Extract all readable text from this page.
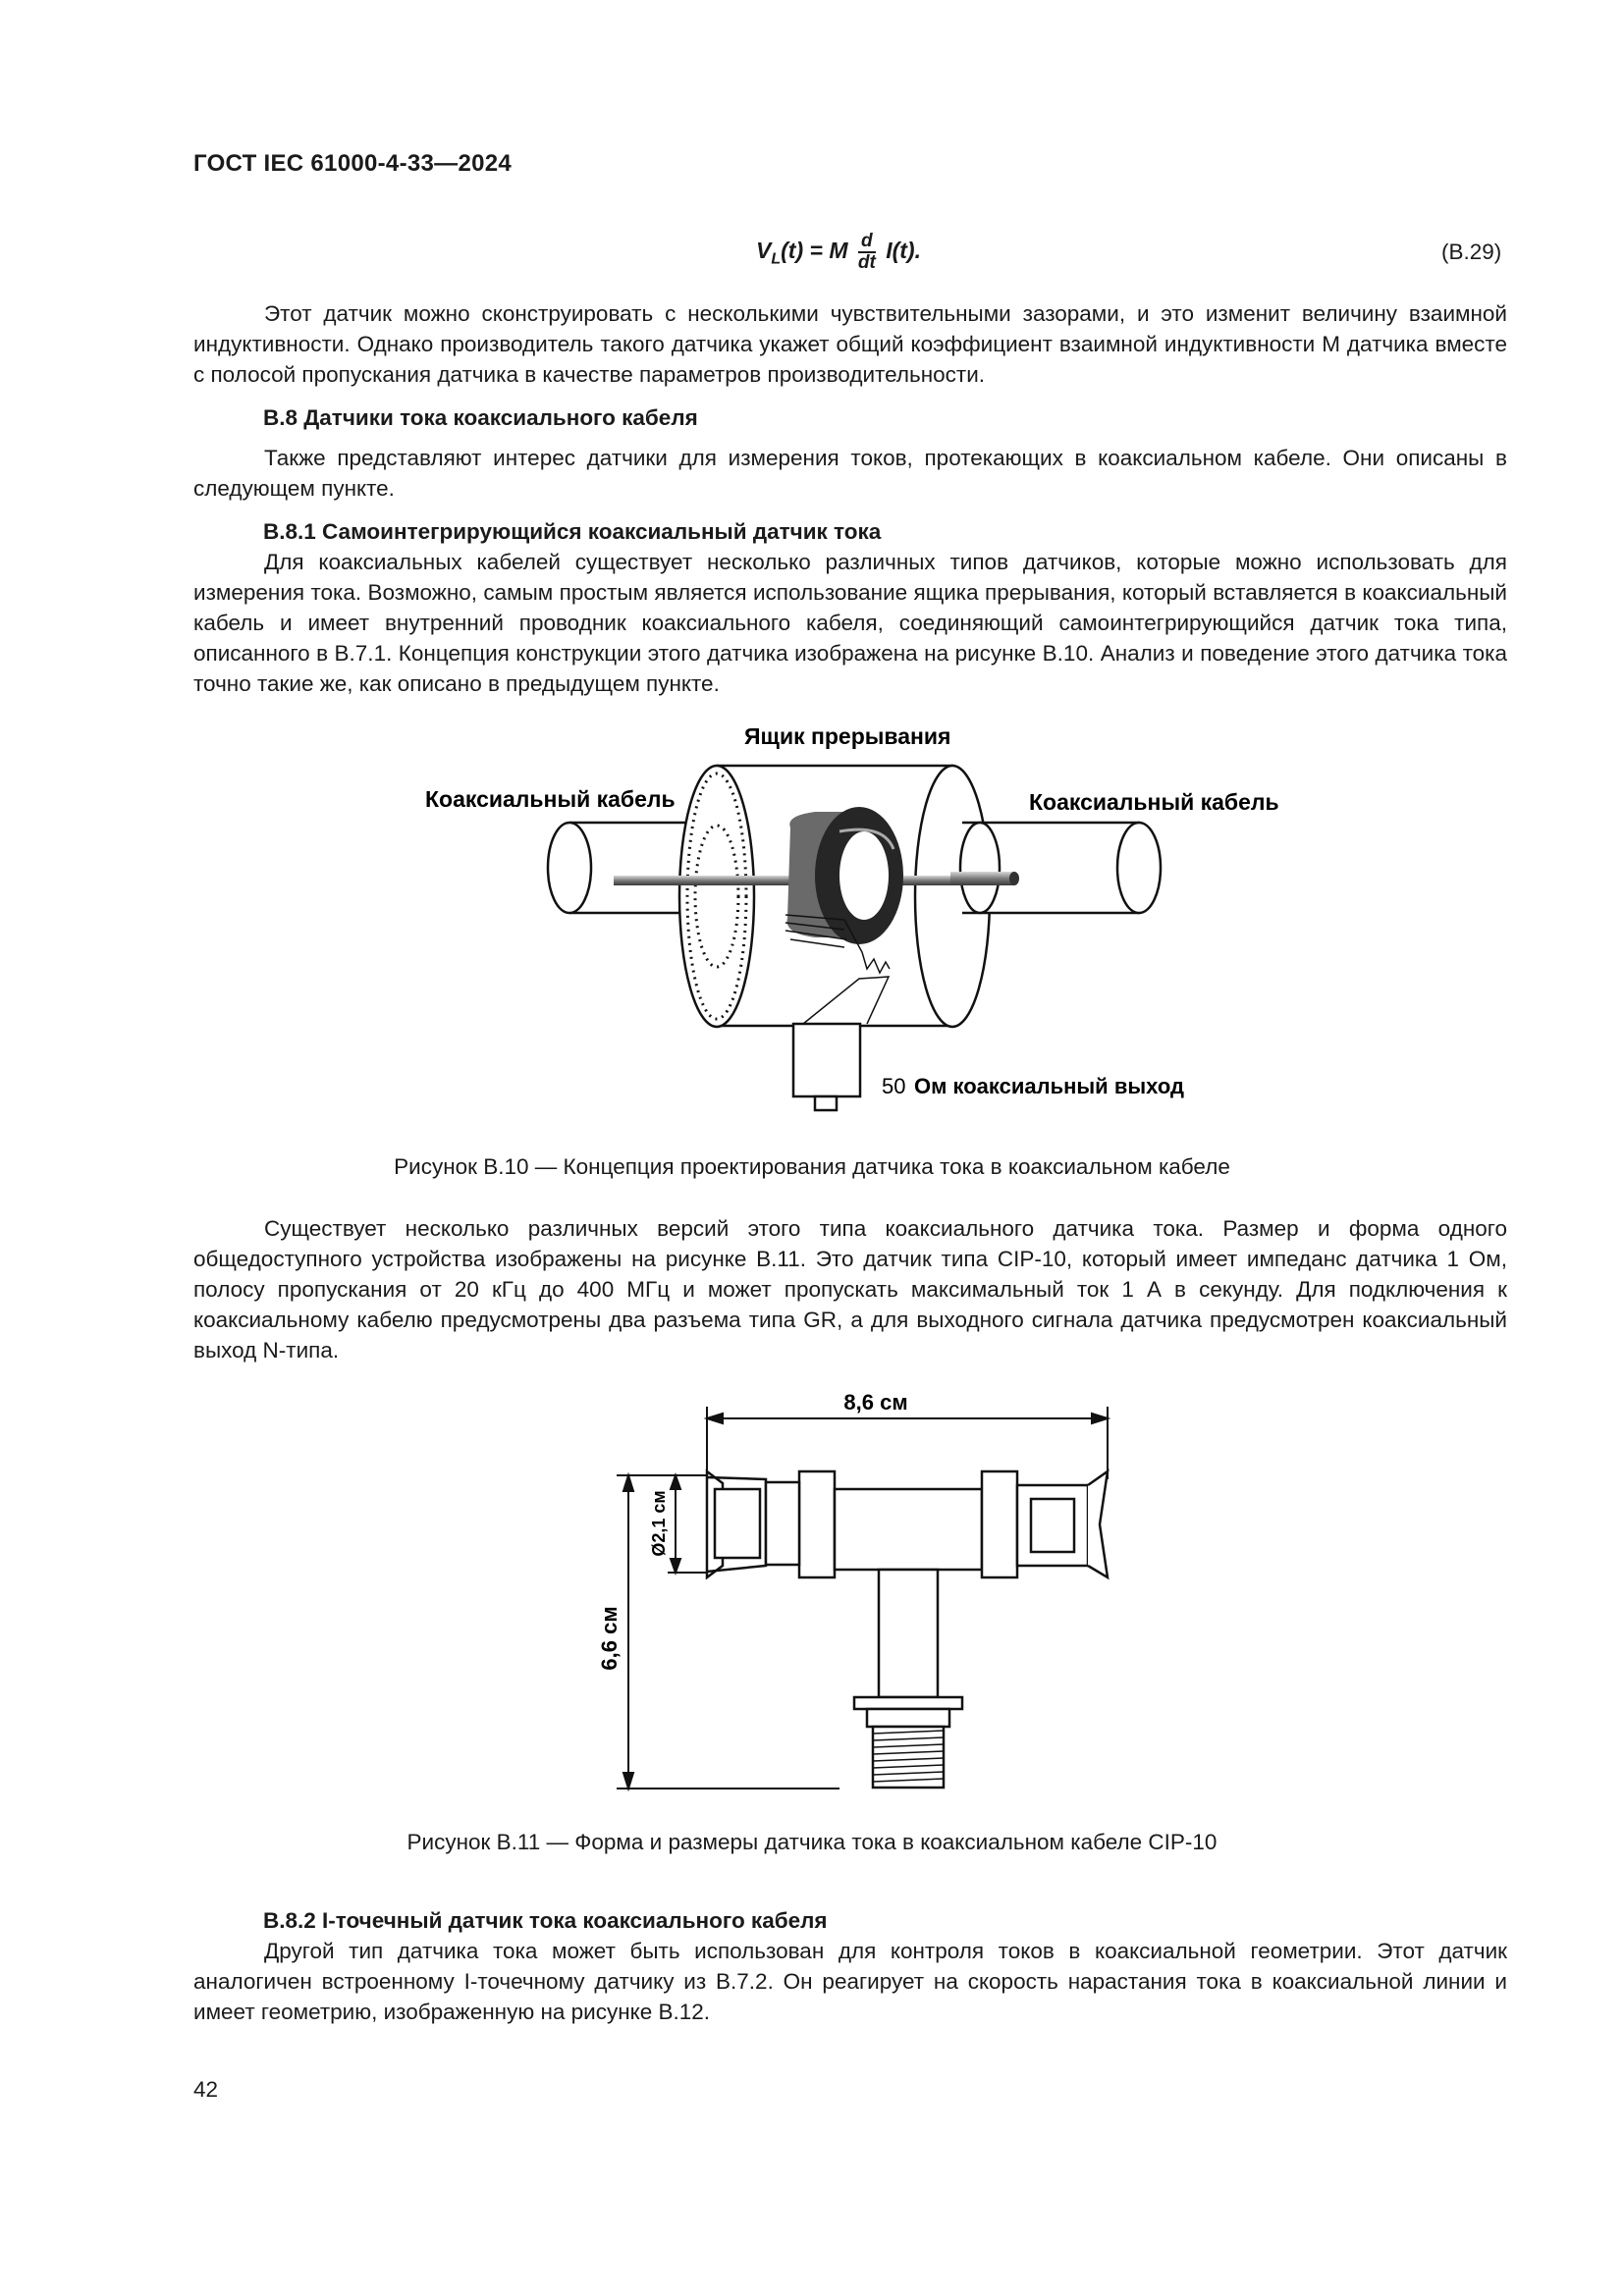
ГОСТ IEC 61000-4-33—2024
$V_L(t) = M \frac{d}{dt} I(t)$.	(B.29)
Этот датчик можно сконструировать с несколькими чувствительными зазорами, и это изменит величину взаимной индуктивности. Однако производитель такого датчика укажет общий коэффициент взаимной индуктивности M датчика вместе с полосой пропускания датчика в качестве параметров производительности.
B.8 Датчики тока коаксиального кабеля
Также представляют интерес датчики для измерения токов, протекающих в коаксиальном кабеле. Они описаны в следующем пункте.
B.8.1 Самоинтегрирующийся коаксиальный датчик тока
Для коаксиальных кабелей существует несколько различных типов датчиков, которые можно использовать для измерения тока. Возможно, самым простым является использование ящика прерывания, который вставляется в коаксиальный кабель и имеет внутренний проводник коаксиального кабеля, соединяющий самоинтегрирующийся датчик тока типа, описанного в B.7.1. Концепция конструкции этого датчика изображена на рисунке B.10. Анализ и поведение этого датчика тока точно такие же, как описано в предыдущем пункте.
Ящик прерывания
Коаксиальный кабель	Коаксиальный кабель
50 Ом коаксиальный выход
Рисунок B.10 — Концепция проектирования датчика тока в коаксиальном кабеле
Существует несколько различных версий этого типа коаксиального датчика тока. Размер и форма одного общедоступного устройства изображены на рисунке B.11. Это датчик типа CIP-10, который имеет импеданс датчика 1 Ом, полосу пропускания от 20 кГц до 400 МГц и может пропускать максимальный ток 1 А в секунду. Для подключения к коаксиальному кабелю предусмотрены два разъема типа GR, а для выходного сигнала датчика предусмотрен коаксиальный выход N-типа.
8,6 см
6,6 см
Ø2,1 см
Рисунок B.11 — Форма и размеры датчика тока в коаксиальном кабеле CIP-10
B.8.2 I-точечный датчик тока коаксиального кабеля
Другой тип датчика тока может быть использован для контроля токов в коаксиальной геометрии. Этот датчик аналогичен встроенному I-точечному датчику из B.7.2. Он реагирует на скорость нарастания тока в коаксиальной линии и имеет геометрию, изображенную на рисунке B.12.
42
